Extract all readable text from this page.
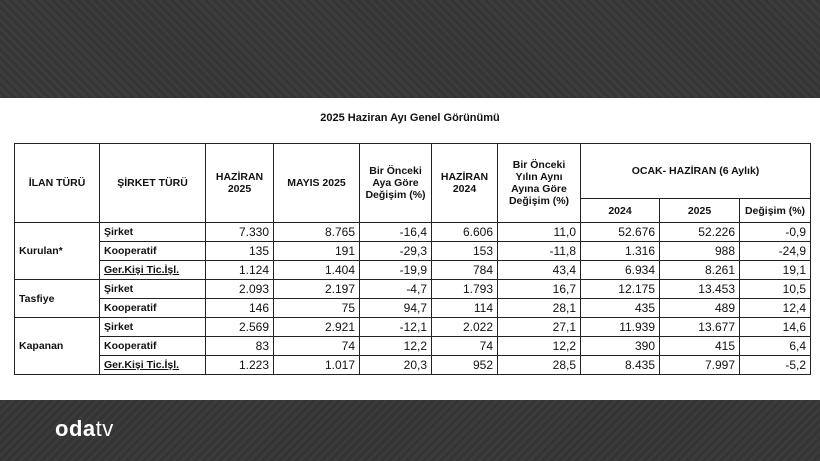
2025 Haziran Ayı Genel Görünümü
İLAN TÜRÜ	ŞİRKET TÜRÜ	HAZİRAN 2025	MAYIS 2025	Bir Önceki Aya Göre Değişim (%)	HAZİRAN 2024	Bir Önceki Yılın Aynı Ayına Göre Değişim (%)	OCAK- HAZİRAN (6 Aylık)		
							2024	2025	Değişim (%)
Kurulan*	Şirket	7.330	8.765	-16,4	6.606	11,0	52.676	52.226	-0,9
	Kooperatif	135	191	-29,3	153	-11,8	1.316	988	-24,9
	Ger.Kişi Tic.İşl.	1.124	1.404	-19,9	784	43,4	6.934	8.261	19,1
Tasfiye	Şirket	2.093	2.197	-4,7	1.793	16,7	12.175	13.453	10,5
	Kooperatif	146	75	94,7	114	28,1	435	489	12,4
Kapanan	Şirket	2.569	2.921	-12,1	2.022	27,1	11.939	13.677	14,6
	Kooperatif	83	74	12,2	74	12,2	390	415	6,4
	Ger.Kişi Tic.İşl.	1.223	1.017	20,3	952	28,5	8.435	7.997	-5,2
odatv
